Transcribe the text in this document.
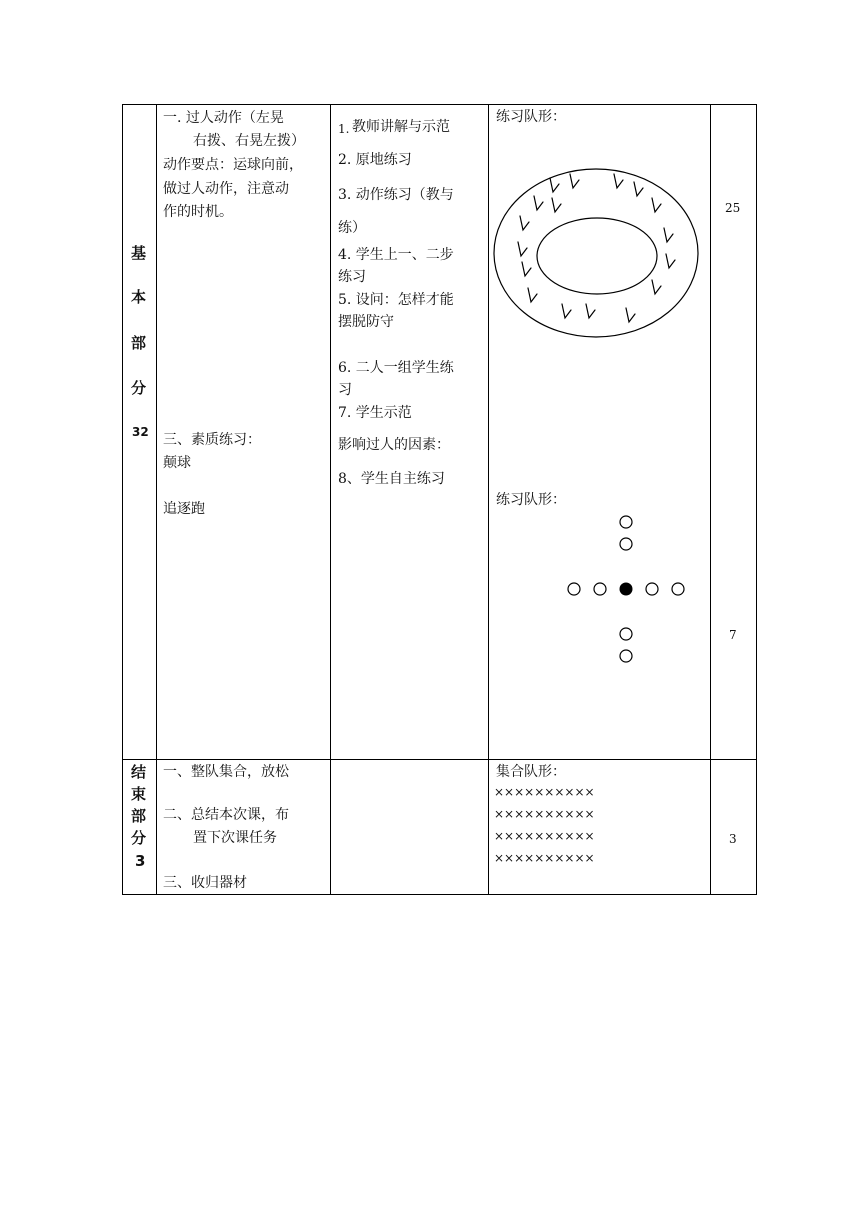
基
本
部
分
32
一. 过人动作（左晃
右拨、右晃左拨）
动作要点：运球向前，
做过人动作，注意动
作的时机。
三、素质练习：
颠球
追逐跑
1. 教师讲解与示范
2. 原地练习
3. 动作练习（教与
练）
4. 学生上一、二步
练习
5. 设问：怎样才能
摆脱防守
6. 二人一组学生练
习
7. 学生示范
影响过人的因素：
8、学生自主练习
练习队形：
练习队形：
25
7
结
束
部
分
3
一、整队集合，放松
二、总结本次课，布
置下次课任务
三、收归器材
集合队形：
××××××××××
××××××××××
××××××××××
××××××××××
3
